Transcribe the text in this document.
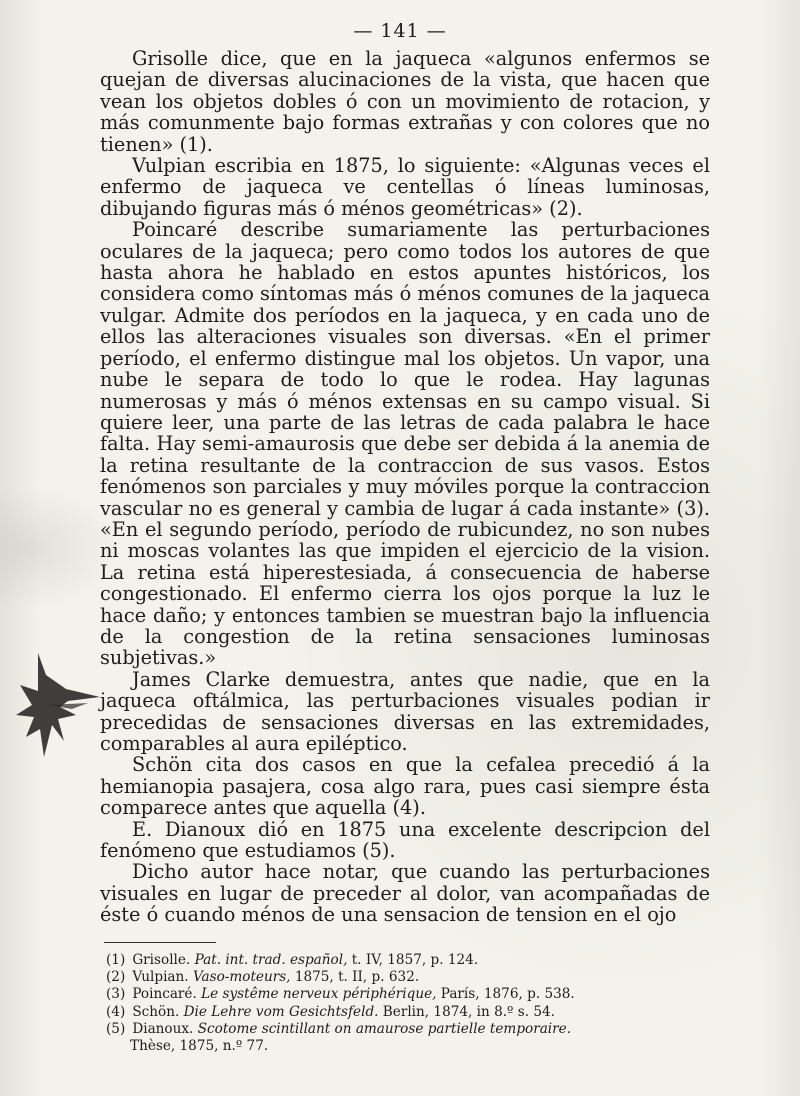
— 141 —

Grisolle dice, que en la jaqueca «algunos enfermos se quejan de diversas alucinaciones de la vista, que hacen que vean los objetos dobles ó con un movimiento de rotacion, y más comunmente bajo formas extrañas y con colores que no tienen» (1).

Vulpian escribia en 1875, lo siguiente: «Algunas veces el enfermo de jaqueca ve centellas ó líneas luminosas, dibujando figuras más ó ménos geométricas» (2).

Poincaré describe sumariamente las perturbaciones oculares de la jaqueca; pero como todos los autores de que hasta ahora he hablado en estos apuntes históricos, los considera como síntomas más ó ménos comunes de la jaqueca vulgar. Admite dos períodos en la jaqueca, y en cada uno de ellos las alteraciones visuales son diversas. «En el primer período, el enfermo distingue mal los objetos. Un vapor, una nube le separa de todo lo que le rodea. Hay lagunas numerosas y más ó ménos extensas en su campo visual. Si quiere leer, una parte de las letras de cada palabra le hace falta. Hay semi-amaurosis que debe ser debida á la anemia de la retina resultante de la contraccion de sus vasos. Estos fenómenos son parciales y muy móviles porque la contraccion vascular no es general y cambia de lugar á cada instante» (3). «En el segundo período, período de rubicundez, no son nubes ni moscas volantes las que impiden el ejercicio de la vision. La retina está hiperestesiada, á consecuencia de haberse congestionado. El enfermo cierra los ojos porque la luz le hace daño; y entonces tambien se muestran bajo la influencia de la congestion de la retina sensaciones luminosas subjetivas.»

James Clarke demuestra, antes que nadie, que en la jaqueca oftálmica, las perturbaciones visuales podian ir precedidas de sensaciones diversas en las extremidades, comparables al aura epiléptico.

Schön cita dos casos en que la cefalea precedió á la hemianopia pasajera, cosa algo rara, pues casi siempre ésta comparece antes que aquella (4).

E. Dianoux dió en 1875 una excelente descripcion del fenómeno que estudiamos (5).

Dicho autor hace notar, que cuando las perturbaciones visuales en lugar de preceder al dolor, van acompañadas de éste ó cuando ménos de una sensacion de tension en el ojo

(1) Grisolle. Pat. int. trad. español, t. IV, 1857, p. 124.
(2) Vulpian. Vaso-moteurs, 1875, t. II, p. 632.
(3) Poincaré. Le systême nerveux périphérique, París, 1876, p. 538.
(4) Schön. Die Lehre vom Gesichtsfeld. Berlin, 1874, in 8.º s. 54.
(5) Dianoux. Scotome scintillant on amaurose partielle temporaire.
Thèse, 1875, n.º 77.
